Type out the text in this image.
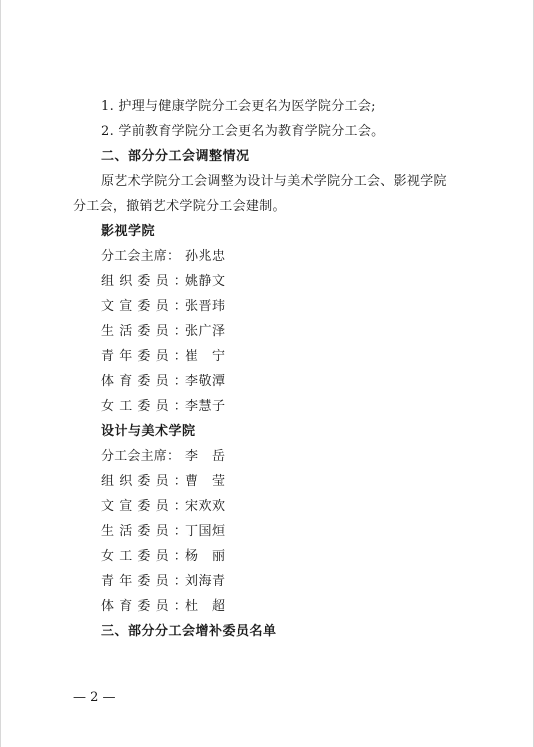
1. 护理与健康学院分工会更名为医学院分工会;
2. 学前教育学院分工会更名为教育学院分工会。
二、部分分工会调整情况
原艺术学院分工会调整为设计与美术学院分工会、影视学院
分工会，撤销艺术学院分工会建制。
影视学院
分工会主席： 孙兆忠
组织委员：
姚静文
文宣委员：
张晋玮
生活委员：
张广泽
青年委员：
崔宁
体育委员：
李敬潭
女工委员：
李慧子
设计与美术学院
分工会主席： 李岳
组织委员：
曹莹
文宣委员：
宋欢欢
生活委员：
丁国烜
女工委员：
杨丽
青年委员：
刘海青
体育委员：
杜超
三、部分分工会增补委员名单
— 2 —
